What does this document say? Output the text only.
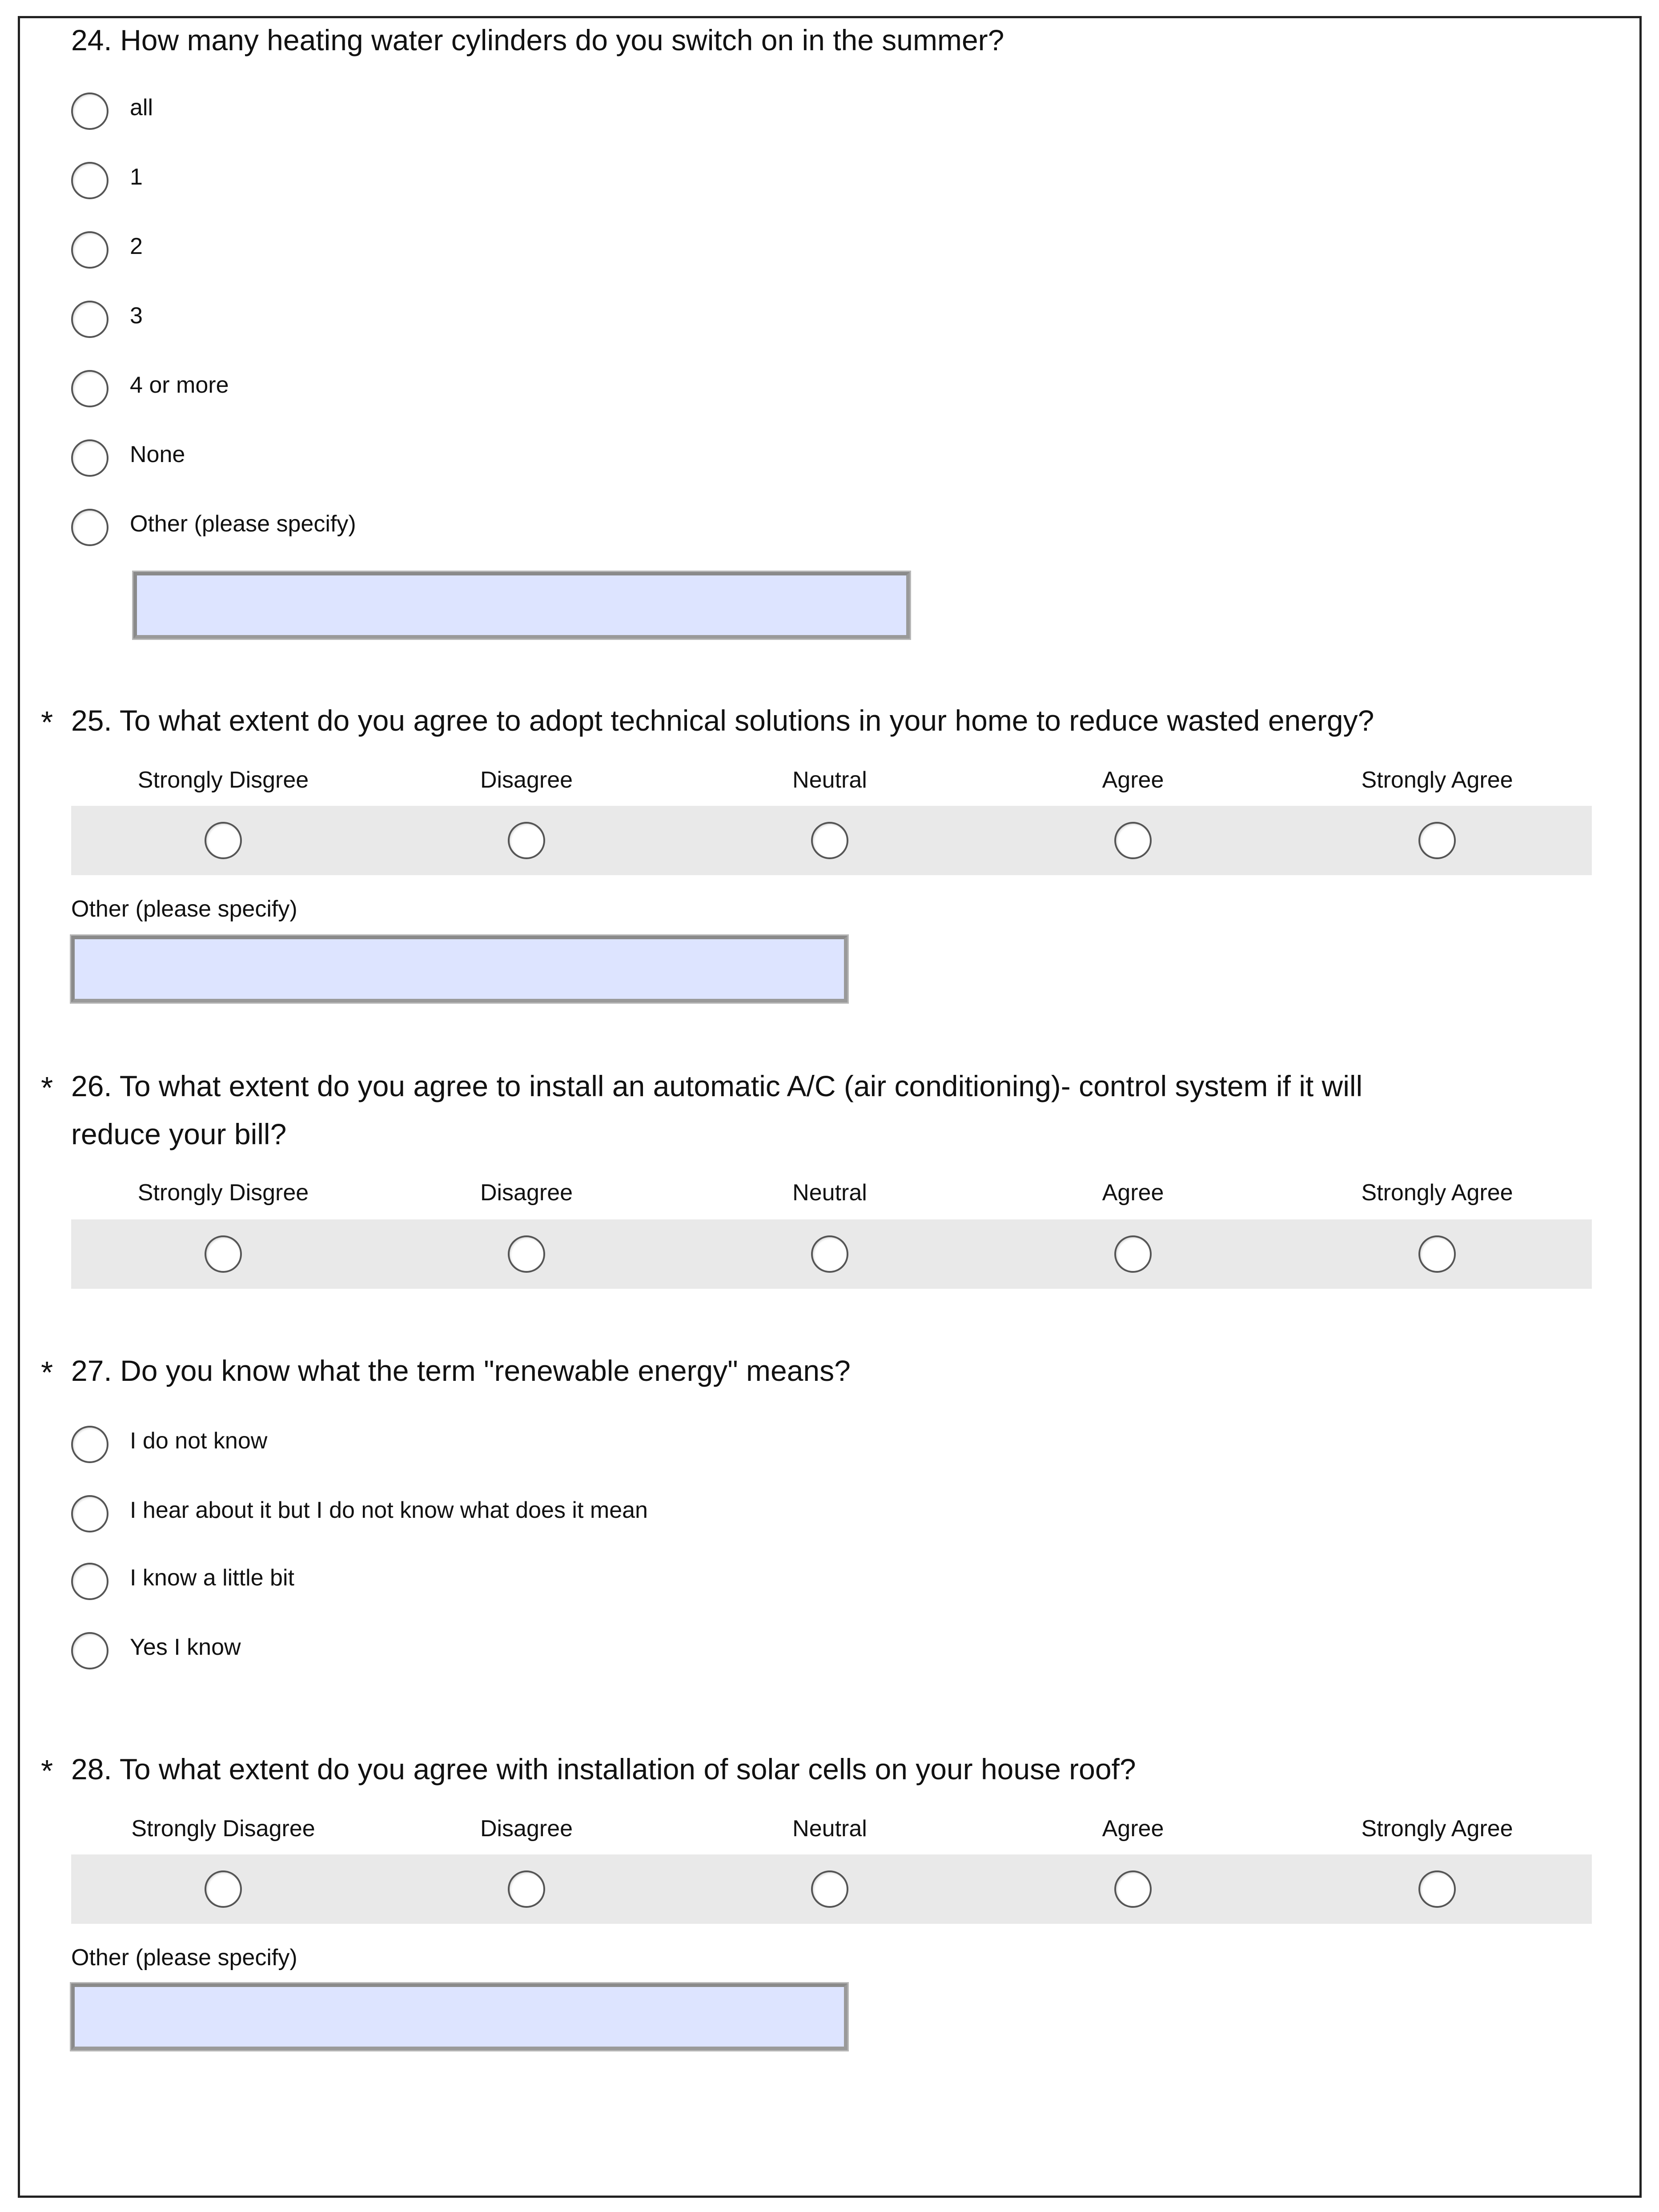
24. How many heating water cylinders do you switch on in the summer?
all
1
2
3
4 or more
None
Other (please specify)
* 25. To what extent do you agree to adopt technical solutions in your home to reduce wasted energy?
Strongly Disgree	Disagree	Neutral	Agree	Strongly Agree
Other (please specify)
* 26. To what extent do you agree to install an automatic A/C (air conditioning)- control system if it will
reduce your bill?
Strongly Disgree	Disagree	Neutral	Agree	Strongly Agree
* 27. Do you know what the term "renewable energy" means?
I do not know
I hear about it but I do not know what does it mean
I know a little bit
Yes I know
* 28. To what extent do you agree with installation of solar cells on your house roof?
Strongly Disagree	Disagree	Neutral	Agree	Strongly Agree
Other (please specify)
